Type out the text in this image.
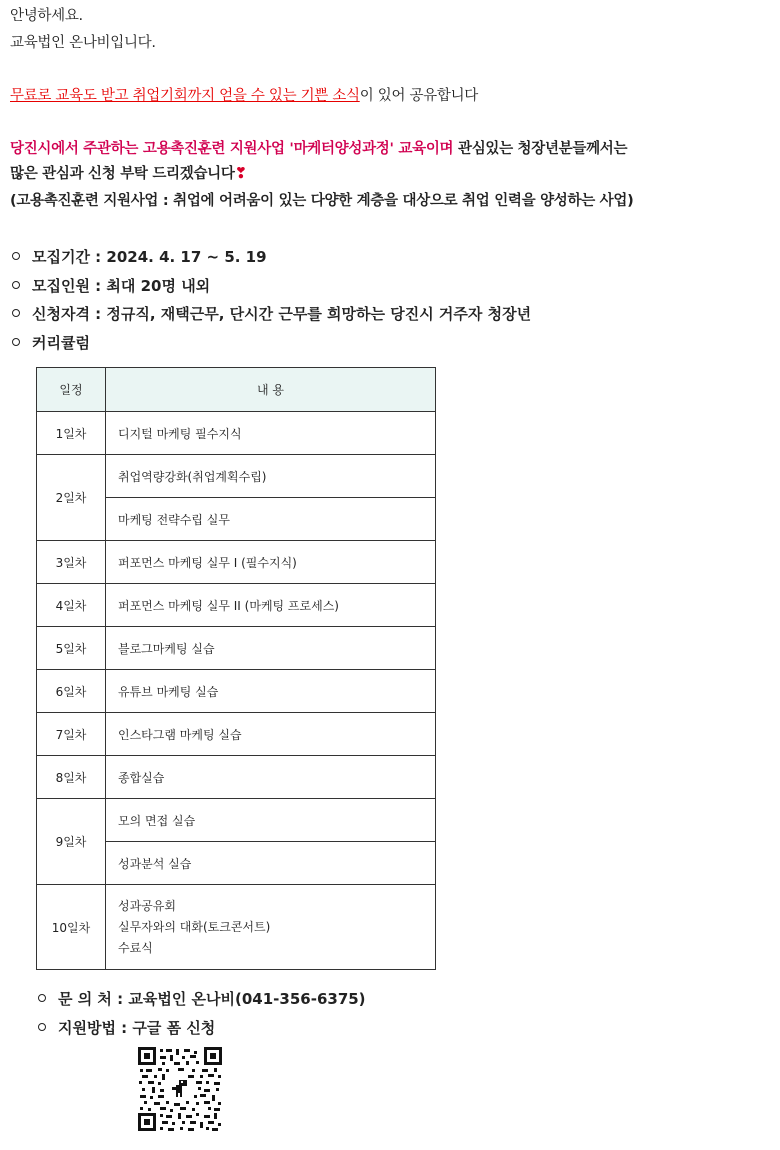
안녕하세요.
교육법인 온나비입니다.
무료로 교육도 받고 취업기회까지 얻을 수 있는 기쁜 소식이 있어 공유합니다
당진시에서 주관하는 고용촉진훈련 지원사업 '마케터양성과정' 교육이며 관심있는 청장년분들께서는
많은 관심과 신청 부탁 드리겠습니다❣
(고용촉진훈련 지원사업 : 취업에 어려움이 있는 다양한 계층을 대상으로 취업 인력을 양성하는 사업)
모집기간 : 2024. 4. 17 ~ 5. 19
모집인원 : 최대 20명 내외
신청자격 : 정규직, 재택근무, 단시간 근무를 희망하는 당진시 거주자 청장년
커리큘럼
일정	내 용
1일차	디지털 마케팅 필수지식
2일차	취업역량강화(취업계획수립)
	마케팅 전략수립 실무
3일차	퍼포먼스 마케팅 실무 I (필수지식)
4일차	퍼포먼스 마케팅 실무 II (마케팅 프로세스)
5일차	블로그마케팅 실습
6일차	유튜브 마케팅 실습
7일차	인스타그램 마케팅 실습
8일차	종합실습
9일차	모의 면접 실습
	성과분석 실습
10일차	성과공유회
실무자와의 대화(토크콘서트)
수료식
문 의 처 : 교육법인 온나비(041-356-6375)
지원방법 : 구글 폼 신청
